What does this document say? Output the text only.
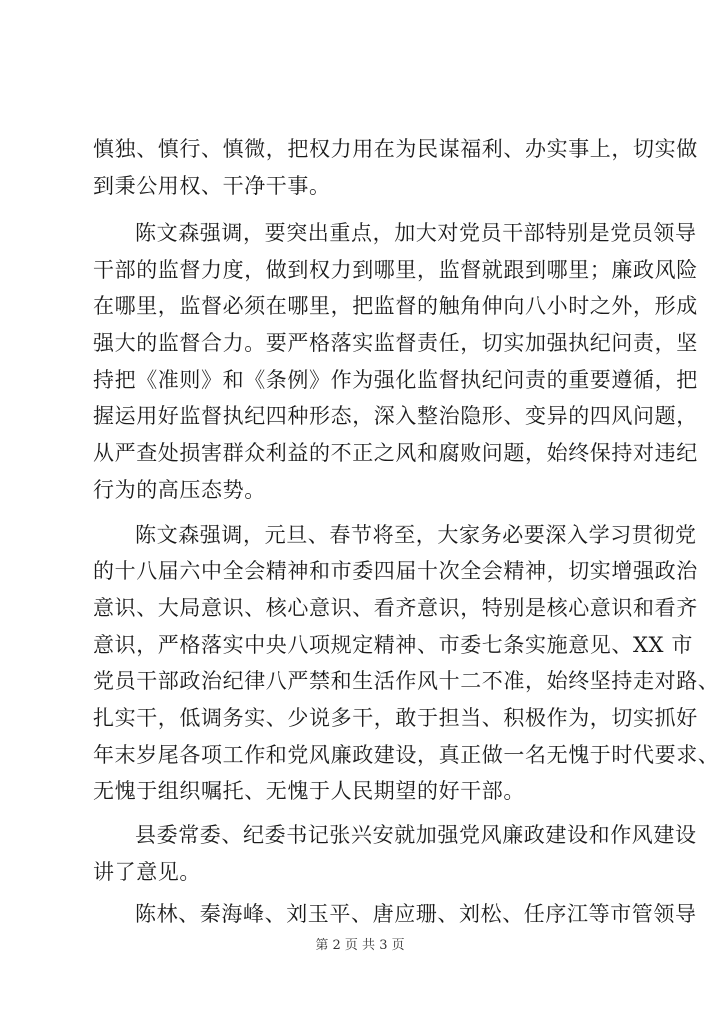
慎独、慎行、慎微，把权力用在为民谋福利、办实事上，切实做
到秉公用权、干净干事。
陈文森强调，要突出重点，加大对党员干部特别是党员领导
干部的监督力度，做到权力到哪里，监督就跟到哪里；廉政风险
在哪里，监督必须在哪里，把监督的触角伸向八小时之外，形成
强大的监督合力。要严格落实监督责任，切实加强执纪问责，坚
持把《准则》和《条例》作为强化监督执纪问责的重要遵循，把
握运用好监督执纪四种形态，深入整治隐形、变异的四风问题，
从严查处损害群众利益的不正之风和腐败问题，始终保持对违纪
行为的高压态势。
陈文森强调，元旦、春节将至，大家务必要深入学习贯彻党
的十八届六中全会精神和市委四届十次全会精神，切实增强政治
意识、大局意识、核心意识、看齐意识，特别是核心意识和看齐
意识，严格落实中央八项规定精神、市委七条实施意见、XX 市
党员干部政治纪律八严禁和生活作风十二不准，始终坚持走对路、
扎实干，低调务实、少说多干，敢于担当、积极作为，切实抓好
年末岁尾各项工作和党风廉政建设，真正做一名无愧于时代要求、
无愧于组织嘱托、无愧于人民期望的好干部。
县委常委、纪委书记张兴安就加强党风廉政建设和作风建设
讲了意见。
陈林、秦海峰、刘玉平、唐应珊、刘松、任序江等市管领导
第 2 页 共 3 页
